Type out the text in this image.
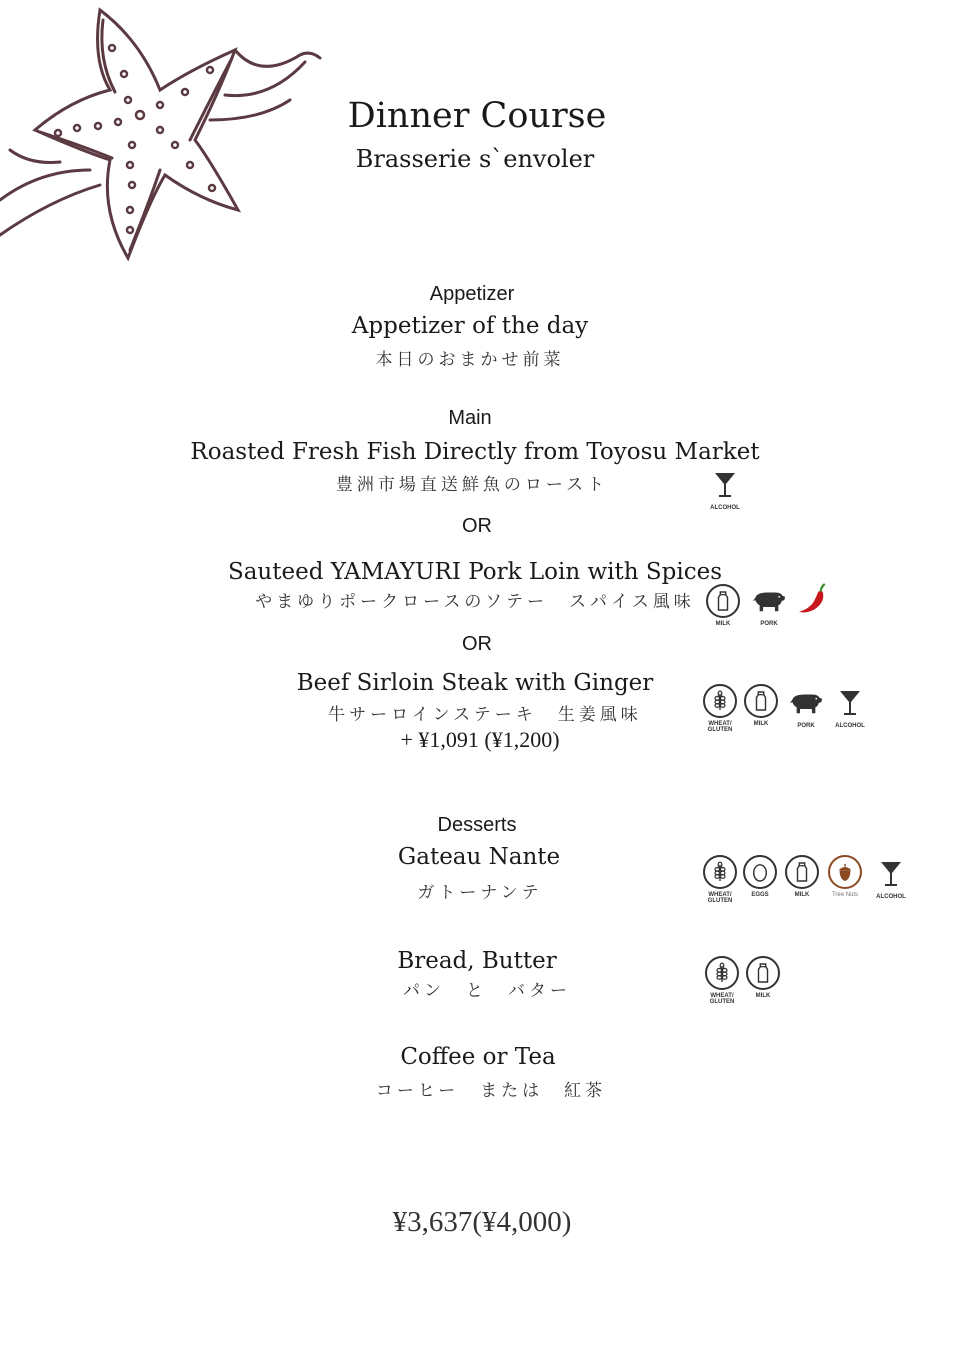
Dinner Course
Brasserie s`envoler
Appetizer
Appetizer of the day
本日のおまかせ前菜
Main
Roasted Fresh Fish Directly from Toyosu Market
豊洲市場直送鮮魚のロースト
ALCOHOL
OR
Sauteed YAMAYURI Pork Loin with Spices
やまゆりポークロースのソテー　スパイス風味
MILK	PORK
OR
Beef Sirloin Steak with Ginger
牛サーロインステーキ　生姜風味
+ ¥1,091 (¥1,200)
WHEAT/ GLUTEN
MILK	PORK	ALCOHOL
Desserts
Gateau Nante
ガトーナンテ	WHEAT/ GLUTEN
EGGS	MILK	Tree Nuts	ALCOHOL
Bread, Butter
パン　と　バター	WHEAT/ GLUTEN
MILK
Coffee or Tea
コーヒー　または　紅茶
¥3,637(¥4,000)
